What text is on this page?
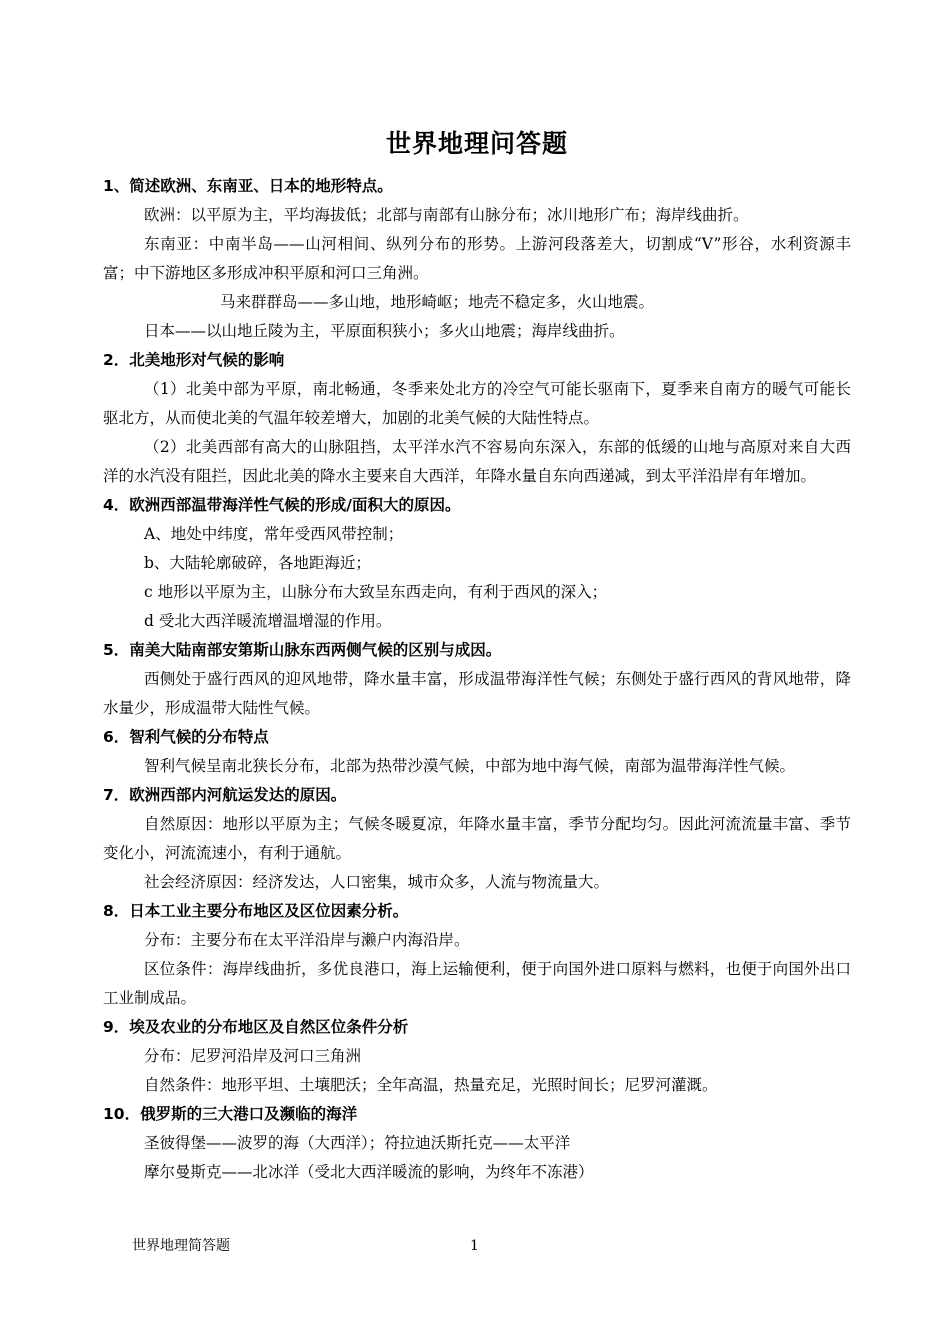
世界地理问答题

1、简述欧洲、东南亚、日本的地形特点。

欧洲：以平原为主，平均海拔低；北部与南部有山脉分布；冰川地形广布；海岸线曲折。

东南亚：中南半岛——山河相间、纵列分布的形势。上游河段落差大，切割成“V”形谷，水利资源丰富；中下游地区多形成冲积平原和河口三角洲。

马来群群岛——多山地，地形崎岖；地壳不稳定多，火山地震。

日本——以山地丘陵为主，平原面积狭小；多火山地震；海岸线曲折。

2．北美地形对气候的影响

（1）北美中部为平原，南北畅通，冬季来处北方的冷空气可能长驱南下，夏季来自南方的暖气可能长驱北方，从而使北美的气温年较差增大，加剧的北美气候的大陆性特点。

（2）北美西部有高大的山脉阻挡，太平洋水汽不容易向东深入，东部的低缓的山地与高原对来自大西洋的水汽没有阻拦，因此北美的降水主要来自大西洋，年降水量自东向西递减，到太平洋沿岸有年增加。

4．欧洲西部温带海洋性气候的形成/面积大的原因。

A、地处中纬度，常年受西风带控制；

b、大陆轮廓破碎，各地距海近；

c 地形以平原为主，山脉分布大致呈东西走向，有利于西风的深入；

d 受北大西洋暖流增温增湿的作用。

5．南美大陆南部安第斯山脉东西两侧气候的区别与成因。

西侧处于盛行西风的迎风地带，降水量丰富，形成温带海洋性气候；东侧处于盛行西风的背风地带，降水量少，形成温带大陆性气候。

6．智利气候的分布特点

智利气候呈南北狭长分布，北部为热带沙漠气候，中部为地中海气候，南部为温带海洋性气候。

7．欧洲西部内河航运发达的原因。

自然原因：地形以平原为主；气候冬暖夏凉，年降水量丰富，季节分配均匀。因此河流流量丰富、季节变化小，河流流速小，有利于通航。

社会经济原因：经济发达，人口密集，城市众多，人流与物流量大。

8．日本工业主要分布地区及区位因素分析。

分布：主要分布在太平洋沿岸与濑户内海沿岸。

区位条件：海岸线曲折，多优良港口，海上运输便利，便于向国外进口原料与燃料，也便于向国外出口工业制成品。

9．埃及农业的分布地区及自然区位条件分析

分布：尼罗河沿岸及河口三角洲

自然条件：地形平坦、土壤肥沃；全年高温，热量充足，光照时间长；尼罗河灌溉。

10．俄罗斯的三大港口及濒临的海洋

圣彼得堡——波罗的海（大西洋）；符拉迪沃斯托克——太平洋

摩尔曼斯克——北冰洋（受北大西洋暖流的影响，为终年不冻港）

世界地理简答题	1
